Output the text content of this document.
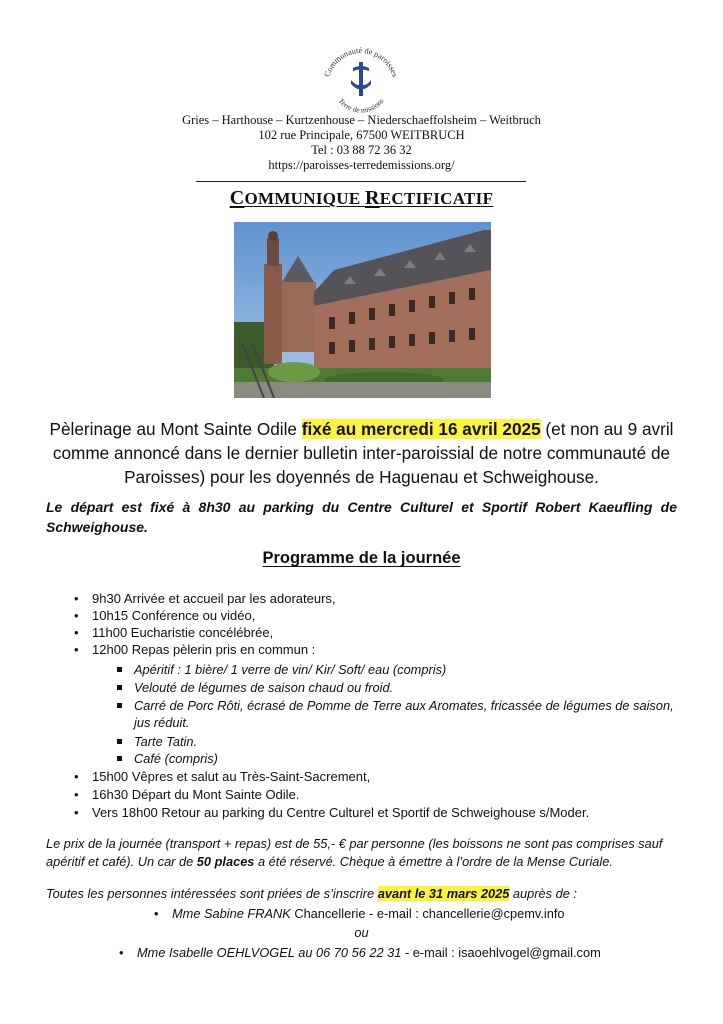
Communauté de paroisses
Terre de missions
Gries – Harthouse – Kurtzenhouse – Niederschaeffolsheim – Weitbruch
102 rue Principale, 67500 WEITBRUCH
Tel : 03 88 72 36 32
https://paroisses-terredemissions.org/
COMMUNIQUE RECTIFICATIF
Pèlerinage au Mont Sainte Odile fixé au mercredi 16 avril 2025 (et non au 9 avril comme annoncé dans le dernier bulletin inter-paroissial de notre communauté de Paroisses) pour les doyennés de Haguenau et Schweighouse.
Le départ est fixé à 8h30 au parking du Centre Culturel et Sportif Robert Kaeufling de Schweighouse.
Programme de la journée
• 9h30 Arrivée et accueil par les adorateurs,
• 10h15 Conférence ou vidéo,
• 11h00 Eucharistie concélébrée,
• 12h00 Repas pèlerin pris en commun :
Apéritif : 1 bière/ 1 verre de vin/ Kir/ Soft/ eau (compris)
Velouté de légumes de saison chaud ou froid.
Carré de Porc Rôti, écrasé de Pomme de Terre aux Aromates, fricassée de légumes de saison,
jus réduit.
Tarte Tatin.
Café (compris)
• 15h00 Vêpres et salut au Très-Saint-Sacrement,
• 16h30 Départ du Mont Sainte Odile.
• Vers 18h00 Retour au parking du Centre Culturel et Sportif de Schweighouse s/Moder.
Le prix de la journée (transport + repas) est de 55,- € par personne (les boissons ne sont pas comprises sauf apéritif et café). Un car de 50 places a été réservé. Chèque à émettre à l’ordre de la Mense Curiale.
Toutes les personnes intéressées sont priées de s’inscrire avant le 31 mars 2025 auprès de :
• Mme Sabine FRANK Chancellerie - e-mail : chancellerie@cpemv.info
ou
• Mme Isabelle OEHLVOGEL au 06 70 56 22 31 - e-mail : isaoehlvogel@gmail.com
